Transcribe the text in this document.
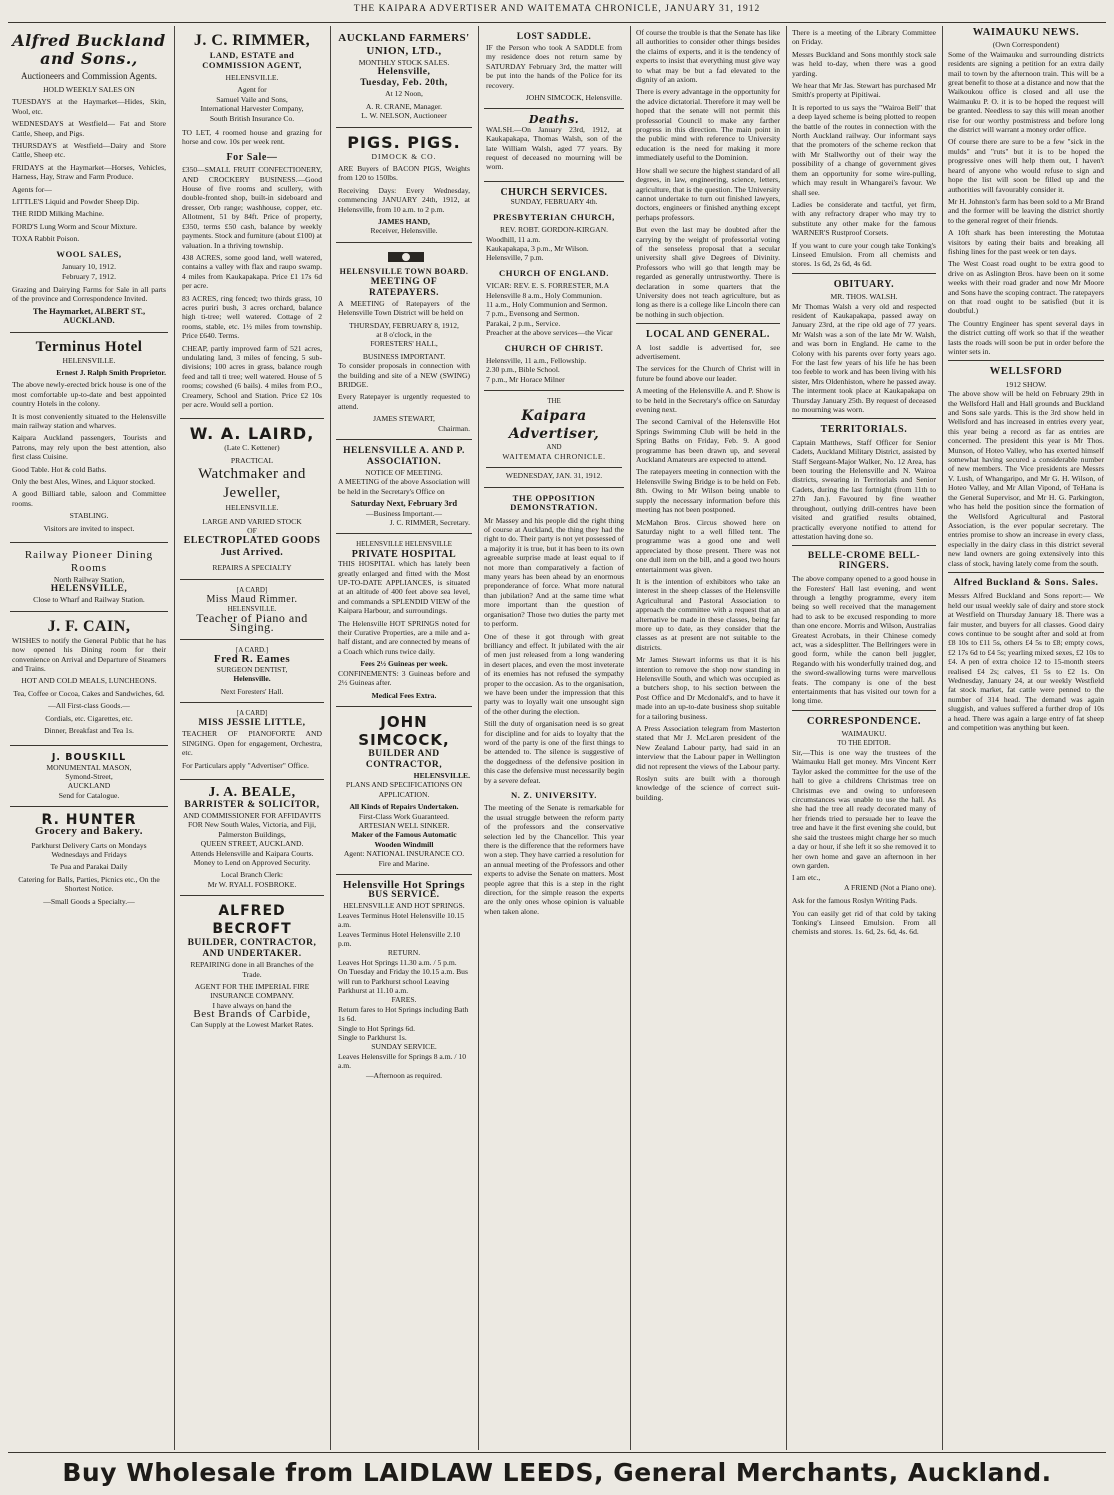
THE KAIPARA ADVERTISER AND WAITEMATA CHRONICLE, JANUARY 31, 1912
Alfred Buckland and Sons.,
Auctioneers and Commission Agents.

HOLD WEEKLY SALES ON

TUESDAYS at the Haymarket—Hides, Skin, Wool, etc.

WEDNESDAYS at Westfield— Fat and Store Cattle, Sheep, and Pigs.

THURSDAYS at Westfield—Dairy and Store Cattle, Sheep etc.

FRIDAYS at the Haymarket—Horses, Vehicles, Harness, Hay, Straw and Farm Produce.

Agents for—

LITTLE'S Liquid and Powder Sheep Dip.

THE RIDD Milking Machine.

FORD'S Lung Worm and Scour Mixture.

TOXA Rabbit Poison.

WOOL SALES,
January 10, 1912.
February 7, 1912.

Grazing and Dairying Farms for Sale in all parts of the province and Correspondence Invited.

The Haymarket, ALBERT ST., AUCKLAND.
Terminus Hotel
HELENSVILLE.
Ernest J. Ralph Smith Proprietor.

The above newly-erected brick house is one of the most comfortable up-to-date and best appointed country Hotels in the colony.

It is most conveniently situated to the Helensville main railway station and wharves.

Kaipara Auckland passengers, Tourists and Patrons, may rely upon the best attention, also first class Cuisine.

Good Table. Hot & cold Baths.

Only the best Ales, Wines, and Liquor stocked.

A good Billiard table, saloon and Committee rooms.

STABLING.

Visitors are invited to inspect.

Railway Pioneer Dining Rooms
North Railway Station,
HELENSVILLE,
Close to Wharf and Railway Station.
J. F. CAIN,

WISHES to notify the General Public that he has now opened his Dining room for their convenience on Arrival and Departure of Steamers and Trains.

HOT AND COLD MEALS, LUNCHEONS.

Tea, Coffee or Cocoa, Cakes and Sandwiches, 6d.

—All First-class Goods.—

Cordials, etc. Cigarettes, etc.

Dinner, Breakfast and Tea 1s.

J. BOUSKILL
MONUMENTAL MASON,
Symond-Street,
AUCKLAND
Send for Catalogue.
R. HUNTER
Grocery and Bakery.

Parkhurst Delivery Carts on Mondays Wednesdays and Fridays

Te Pua and Parakai Daily

Catering for Balls, Parties, Picnics etc., On the Shortest Notice.

—Small Goods a Specialty.—

J. C. RIMMER,
LAND, ESTATE and COMMISSION AGENT,
HELENSVILLE.
Agent for
Samuel Vaile and Sons,
International Harvester Company,
South British Insurance Co.

TO LET, 4 roomed house and grazing for horse and cow. 10s per week rent.

For Sale—

£350—SMALL FRUIT CONFECTIONERY, AND CROCKERY BUSINESS.—Good House of five rooms and scullery, with double-fronted shop, built-in sideboard and dresser, Orb range; washhouse, copper, etc. Allotment, 51 by 84ft. Price of property, £350, terms £50 cash, balance by weekly payments. Stock and furniture (about £100) at valuation. In a thriving township.

438 ACRES, some good land, well watered, contains a valley with flax and raupo swamp. 4 miles from Kaukapakapa. Price £1 17s 6d per acre.

83 ACRES, ring fenced; two thirds grass, 10 acres puriri bush, 3 acres orchard, balance high ti-tree; well watered. Cottage of 2 rooms, stable, etc. 1½ miles from township. Price £640. Terms.

CHEAP, partly improved farm of 521 acres, undulating land, 3 miles of fencing, 5 sub-divisions; 100 acres in grass, balance rough feed and tall ti tree; well watered. House of 5 rooms; cowshed (6 bails). 4 miles from P.O., Creamery, School and Station. Price £2 10s per acre. Would sell a portion.

W. A. LAIRD,
(Late C. Kettener)
PRACTICAL
Watchmaker and Jeweller,
HELENSVILLE.
LARGE AND VARIED STOCK
OF
ELECTROPLATED GOODS Just Arrived.
REPAIRS A SPECIALTY
[A CARD]
Miss Maud Rimmer.
HELENSVILLE.
Teacher of Piano and Singing.
[A CARD.]
Fred R. Eames
SURGEON DENTIST,
Helensville.
Next Foresters' Hall.
[A CARD]
MISS JESSIE LITTLE,

TEACHER OF PIANOFORTE AND SINGING. Open for engagement, Orchestra, etc.

For Particulars apply "Advertiser" Office.

J. A. BEALE,
BARRISTER & SOLICITOR,
AND COMMISSIONER FOR AFFIDAVITS FOR New South Wales, Victoria, and Fiji,
Palmerston Buildings,
QUEEN STREET, AUCKLAND.
Attends Helensville and Kaipara Courts.
Money to Lend on Approved Security.
Local Branch Clerk:
Mr W. RYALL FOSBROKE.
ALFRED BECROFT
BUILDER, CONTRACTOR, AND UNDERTAKER.
REPAIRING done in all Branches of the Trade.
AGENT FOR THE IMPERIAL FIRE INSURANCE COMPANY.
I have always on hand the
Best Brands of Carbide,
Can Supply at the Lowest Market Rates.
AUCKLAND FARMERS' UNION, LTD.,
MONTHLY STOCK SALES.
Helensville,
Tuesday, Feb. 20th,
At 12 Noon,
A. R. CRANE, Manager.
L. W. NELSON, Auctioneer
PIGS. PIGS.
DIMOCK & CO.

ARE Buyers of BACON PIGS, Weights from 120 to 150lbs.

Receiving Days: Every Wednesday, commencing JANUARY 24th, 1912, at Helensville, from 10 a.m. to 2 p.m.

JAMES HAND,
Receiver, Helensville.
HELENSVILLE TOWN BOARD.
MEETING OF RATEPAYERS.

A MEETING of Ratepayers of the Helensville Town District will be held on

THURSDAY, FEBRUARY 8, 1912,
at 8 o'clock, in the
FORESTERS' HALL,
BUSINESS IMPORTANT.

To consider proposals in connection with the building and site of a NEW (SWING) BRIDGE.

Every Ratepayer is urgently requested to attend.

JAMES STEWART,
Chairman.
HELENSVILLE A. AND P. ASSOCIATION.
NOTICE OF MEETING.

A MEETING of the above Association will be held in the Secretary's Office on

Saturday Next, February 3rd
—Business Important.—
J. C. RIMMER, Secretary.
HELENSVILLE HELENSVILLE
PRIVATE HOSPITAL

THIS HOSPITAL which has lately been greatly enlarged and fitted with the Most UP-TO-DATE APPLIANCES, is situated at an altitude of 400 feet above sea level, and commands a SPLENDID VIEW of the Kaipara Harbour, and surroundings.

The Helensville HOT SPRINGS noted for their Curative Properties, are a mile and a-half distant, and are connected by means of a Coach which runs twice daily.

Fees 2½ Guineas per week.

CONFINEMENTS: 3 Guineas before and 2½ Guineas after.

Medical Fees Extra.
JOHN SIMCOCK,
BUILDER AND CONTRACTOR,
HELENSVILLE.
PLANS AND SPECIFICATIONS ON APPLICATION.
All Kinds of Repairs Undertaken.
First-Class Work Guaranteed.
ARTESIAN WELL SINKER.
Maker of the Famous Automatic Wooden Windmill
Agent: NATIONAL INSURANCE CO. Fire and Marine.
Helensville Hot Springs
BUS SERVICE.
HELENSVILLE AND HOT SPRINGS.
Leaves Terminus Hotel Helensville 10.15 a.m.
Leaves Terminus Hotel Helensville 2.10 p.m.
RETURN.
Leaves Hot Springs 11.30 a.m. / 5 p.m.
On Tuesday and Friday the 10.15 a.m. Bus will run to Parkhurst school Leaving Parkhurst at 11.10 a.m.
FARES.
Return fares to Hot Springs including Bath 1s 6d.
Single to Hot Springs 6d.
Single to Parkhurst 1s.
SUNDAY SERVICE.
Leaves Helensville for Springs 8 a.m. / 10 a.m.
—Afternoon as required.
LOST SADDLE.

IF the Person who took A SADDLE from my residence does not return same by SATURDAY February 3rd, the matter will be put into the hands of the Police for its recovery.

JOHN SIMCOCK, Helensville.
Deaths.

WALSH.—On January 23rd, 1912, at Kaukapakapa, Thomas Walsh, son of the late William Walsh, aged 77 years. By request of deceased no mourning will be worn.

CHURCH SERVICES.
SUNDAY, FEBRUARY 4th.
PRESBYTERIAN CHURCH,
REV. ROBT. GORDON-KIRGAN.
Woodhill, 11 a.m.
Kaukapakapa, 3 p.m., Mr Wilson.
Helensville, 7 p.m.
CHURCH OF ENGLAND.
VICAR: REV. E. S. FORRESTER, M.A
Helensville 8 a.m., Holy Communion.
11 a.m., Holy Communion and Sermon.
7 p.m., Evensong and Sermon.
Parakai, 2 p.m., Service.
Preacher at the above services—the Vicar
CHURCH OF CHRIST.
Helensville, 11 a.m., Fellowship.
2.30 p.m., Bible School.
7 p.m., Mr Horace Milner
THE
Kaipara Advertiser,
AND
WAITEMATA CHRONICLE.
WEDNESDAY, JAN. 31, 1912.
THE OPPOSITION DEMONSTRATION.

Mr Massey and his people did the right thing of course at Auckland, the thing they had the right to do. Their party is not yet possessed of a majority it is true, but it has been to its own agreeable surprise made at least equal to if not more than comparatively a faction of many years has been ahead by an enormous preponderance of force. What more natural than jubilation? And at the same time what more important than the question of organisation? Those two duties the party met to perform.

One of these it got through with great brilliancy and effect. It jubilated with the air of men just released from a long wandering in desert places, and even the most inveterate of its enemies has not refused the sympathy proper to the occasion. As to the organisation, we have been under the impression that this party was to loyally wait one unsought sign of the other during the election.

Still the duty of organisation need is so great for discipline and for aids to loyalty that the word of the party is one of the first things to be attended to. The silence is suggestive of the doggedness of the defensive position in this case the defensive must necessarily begin by a severe defeat.

N. Z. UNIVERSITY.

The meeting of the Senate is remarkable for the usual struggle between the reform party of the professors and the conservative selection led by the Chancellor. This year there is the difference that the reformers have won a step. They have carried a resolution for an annual meeting of the Professors and other experts to advise the Senate on matters. Most people agree that this is a step in the right direction, for the simple reason the experts are the only ones whose opinion is valuable when taken alone.

Of course the trouble is that the Senate has like all authorities to consider other things besides the claims of experts, and it is the tendency of experts to insist that everything must give way to what may be but a fad elevated to the dignity of an axiom.

There is every advantage in the opportunity for the advice dictatorial. Therefore it may well be hoped that the senate will not permit this professorial Council to make any farther progress in this direction. The main point in the public mind with reference to University education is the need for making it more immediately useful to the Dominion.

How shall we secure the highest standard of all degrees, in law, engineering, science, letters, agriculture, that is the question. The University cannot undertake to turn out finished lawyers, doctors, engineers or finished anything except perhaps professors.

But even the last may be doubted after the carrying by the weight of professorial voting of the senseless proposal that a secular university shall give Degrees of Divinity. Professors who will go that length may be regarded as generally untrustworthy. There is declaration in some quarters that the University does not teach agriculture, but as long as there is a college like Lincoln there can be nothing in such objection.

LOCAL AND GENERAL.

A lost saddle is advertised for, see advertisement.

The services for the Church of Christ will in future be found above our leader.

A meeting of the Helensville A. and P. Show is to be held in the Secretary's office on Saturday evening next.

The second Carnival of the Helensville Hot Springs Swimming Club will be held in the Spring Baths on Friday, Feb. 9. A good programme has been drawn up, and several Auckland Amateurs are expected to attend.

The ratepayers meeting in connection with the Helensville Swing Bridge is to be held on Feb. 8th. Owing to Mr Wilson being unable to supply the necessary information before this meeting has not been postponed.

McMahon Bros. Circus showed here on Saturday night to a well filled tent. The programme was a good one and well appreciated by those present. There was not one dull item on the bill, and a good two hours entertainment was given.

It is the intention of exhibitors who take an interest in the sheep classes of the Helensville Agricultural and Pastoral Association to approach the committee with a request that an alternative be made in these classes, being far more up to date, as they consider that the classes as at present are not suitable to the districts.

Mr James Stewart informs us that it is his intention to remove the shop now standing in Helensville South, and which was occupied as a butchers shop, to his section between the Post Office and Dr Mcdonald's, and to have it made into an up-to-date business shop suitable for a tailoring business.

A Press Association telegram from Masterton stated that Mr J. McLaren president of the New Zealand Labour party, had said in an interview that the Labour paper in Wellington did not represent the views of the Labour party.

Roslyn suits are built with a thorough knowledge of the science of correct suit-building.

There is a meeting of the Library Committee on Friday.

Messrs Buckland and Sons monthly stock sale was held to-day, when there was a good yarding.

We hear that Mr Jas. Stewart has purchased Mr Smith's property at Pipitiwai.

It is reported to us says the "Wairoa Bell" that a deep layed scheme is being plotted to reopen the battle of the routes in connection with the North Auckland railway. Our informant says that the promoters of the scheme reckon that with Mr Stallworthy out of their way the possibility of a change of government gives them an opportunity for some wire-pulling, which may result in Whangarei's favour. We shall see.

Ladies be considerate and tactful, yet firm, with any refractory draper who may try to substitute any other make for the famous WARNER'S Rustproof Corsets.

If you want to cure your cough take Tonking's Linseed Emulsion. From all chemists and stores. 1s 6d, 2s 6d, 4s 6d.

OBITUARY.
MR. THOS. WALSH.

Mr Thomas Walsh a very old and respected resident of Kaukapakapa, passed away on January 23rd, at the ripe old age of 77 years. Mr Walsh was a son of the late Mr W. Walsh, and was born in England. He came to the Colony with his parents over forty years ago. For the last few years of his life he has been too feeble to work and has been living with his sister, Mrs Oldenhiston, where he passed away. The interment took place at Kaukapakapa on Thursday January 25th. By request of deceased no mourning was worn.

TERRITORIALS.

Captain Matthews, Staff Officer for Senior Cadets, Auckland Military District, assisted by Staff Sergeant-Major Walker, No. 12 Area, has been touring the Helensville and N. Wairoa districts, swearing in Territorials and Senior Cadets, during the last fortnight (from 11th to 27th Jan.). Favoured by fine weather throughout, outlying drill-centres have been visited and gratified results obtained, practically everyone notified to attend for attestation having done so.

BELLE-CROME BELL-RINGERS.

The above company opened to a good house in the Foresters' Hall last evening, and went through a lengthy programme, every item being so well received that the management had to ask to be excused responding to more than one encore. Morris and Wilson, Australias Greatest Acrobats, in their Chinese comedy act, was a sidesplitter. The Bellringers were in good form, while the canon bell juggler, Regando with his wonderfully trained dog, and the sword-swallowing turns were marvellous feats. The company is one of the best entertainments that has visited our town for a long time.

CORRESPONDENCE.
WAIMAUKU.
TO THE EDITOR.

Sir,—This is one way the trustees of the Waimauku Hall get money. Mrs Vincent Kerr Taylor asked the committee for the use of the hall to give a childrens Christmas tree on Christmas eve and owing to unforeseen circumstances was unable to use the hall. As she had the tree all ready decorated many of her friends tried to persuade her to leave the tree and have it the first evening she could, but she said the trustees might charge her so much a day or hour, if she left it so she removed it to her own home and gave an afternoon in her own garden.

I am etc.,
A FRIEND (Not a Piano one).

Ask for the famous Roslyn Writing Pads.

You can easily get rid of that cold by taking Tonking's Linseed Emulsion. From all chemists and stores. 1s. 6d, 2s. 6d, 4s. 6d.

WAIMAUKU NEWS.
(Own Correspondent)

Some of the Waimauku and surrounding districts residents are signing a petition for an extra daily mail to town by the afternoon train. This will be a great benefit to those at a distance and now that the Waikoukou office is closed and all use the Waimauku P. O. it is to be hoped the request will be granted. Needless to say this will mean another rise for our worthy postmistress and before long the district will warrant a money order office.

Of course there are sure to be a few "sick in the mulds" and "ruts" but it is to be hoped the progressive ones will help them out, I haven't heard of anyone who would refuse to sign and hope the list will soon be filled up and the authorities will favourably consider it.

Mr H. Johnston's farm has been sold to a Mr Brand and the former will be leaving the district shortly to the general regret of their friends.

A 10ft shark has been interesting the Motutaa visitors by eating their baits and breaking all fishing lines for the past week or ten days.

The West Coast road ought to be extra good to drive on as Aslington Bros. have been on it some weeks with their road grader and now Mr Moore and Sons have the scoping contract. The ratepayers on that road ought to be satisfied (but it is doubtful.)

The Country Engineer has spent several days in the district cutting off work so that if the weather lasts the roads will soon be put in order before the winter sets in.

WELLSFORD
1912 SHOW.

The above show will be held on February 29th in the Wellsford Hall and Hall grounds and Buckland and Sons sale yards. This is the 3rd show held in Wellsford and has increased in entries every year, this year being a record as far as entries are concerned. The president this year is Mr Thos. Munson, of Hoteo Valley, who has exerted himself somewhat having secured a considerable number of new members. The Vice presidents are Messrs V. Lush, of Whangaripo, and Mr G. H. Wilson, of Hoteo Valley, and Mr Allan Vipond, of TeHana is the General Supervisor, and Mr H. G. Parkington, who has held the position since the formation of the Wellsford Agricultural and Pastoral Association, is the ever popular secretary. The entries promise to show an increase in every class, especially in the dairy class in this district several new land owners are going extensively into this class of stock, having lately come from the south.

Alfred Buckland & Sons. Sales.

Messrs Alfred Buckland and Sons report:— We held our usual weekly sale of dairy and store stock at Westfield on Thursday January 18. There was a fair muster, and buyers for all classes. Good dairy cows continue to be sought after and sold at from £8 10s to £11 5s, others £4 5s to £8; empty cows, £2 17s 6d to £4 5s; yearling mixed sexes, £2 10s to £4. A pen of extra choice 12 to 15-month steers realised £4 2s; calves, £1 5s to £2 1s. On Wednesday, January 24, at our weekly Westfield fat stock market, fat cattle were penned to the number of 314 head. The demand was again sluggish, and values suffered a further drop of 10s a head. There was again a large entry of fat sheep and competition was anything but keen.

Buy Wholesale from LAIDLAW LEEDS, General Merchants, Auckland.
